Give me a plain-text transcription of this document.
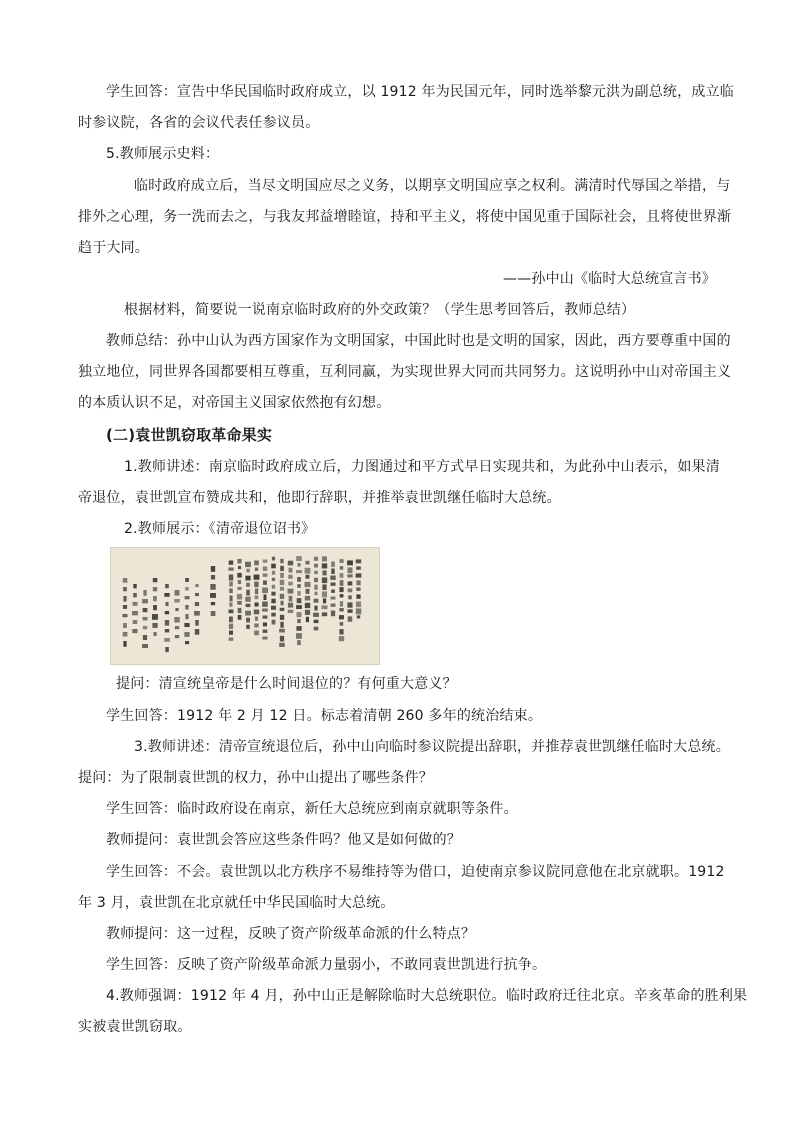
学生回答：宣告中华民国临时政府成立，以 1912 年为民国元年，同时选举黎元洪为副总统，成立临
时参议院，各省的会议代表任参议员。
5.教师展示史料：
临时政府成立后，当尽文明国应尽之义务，以期享文明国应享之权利。满清时代辱国之举措，与
排外之心理，务一洗而去之，与我友邦益增睦谊，持和平主义，将使中国见重于国际社会，且将使世界渐
趋于大同。
——孙中山《临时大总统宣言书》
根据材料，简要说一说南京临时政府的外交政策？（学生思考回答后，教师总结）
教师总结：孙中山认为西方国家作为文明国家，中国此时也是文明的国家，因此，西方要尊重中国的
独立地位，同世界各国都要相互尊重，互利同赢，为实现世界大同而共同努力。这说明孙中山对帝国主义
的本质认识不足，对帝国主义国家依然抱有幻想。
(二)袁世凯窃取革命果实
1.教师讲述：南京临时政府成立后，力图通过和平方式早日实现共和，为此孙中山表示，如果清
帝退位，袁世凯宣布赞成共和，他即行辞职，并推举袁世凯继任临时大总统。
2.教师展示：《清帝退位诏书》
提问：清宣统皇帝是什么时间退位的？有何重大意义？
学生回答：1912 年 2 月 12 日。标志着清朝 260 多年的统治结束。
3.教师讲述：清帝宣统退位后，孙中山向临时参议院提出辞职，并推荐袁世凯继任临时大总统。
提问：为了限制袁世凯的权力，孙中山提出了哪些条件？
学生回答：临时政府设在南京，新任大总统应到南京就职等条件。
教师提问：袁世凯会答应这些条件吗？他又是如何做的？
学生回答：不会。袁世凯以北方秩序不易维持等为借口，迫使南京参议院同意他在北京就职。1912
年 3 月，袁世凯在北京就任中华民国临时大总统。
教师提问：这一过程，反映了资产阶级革命派的什么特点？
学生回答：反映了资产阶级革命派力量弱小，不敢同袁世凯进行抗争。
4.教师强调：1912 年 4 月，孙中山正是解除临时大总统职位。临时政府迁往北京。辛亥革命的胜利果
实被袁世凯窃取。
